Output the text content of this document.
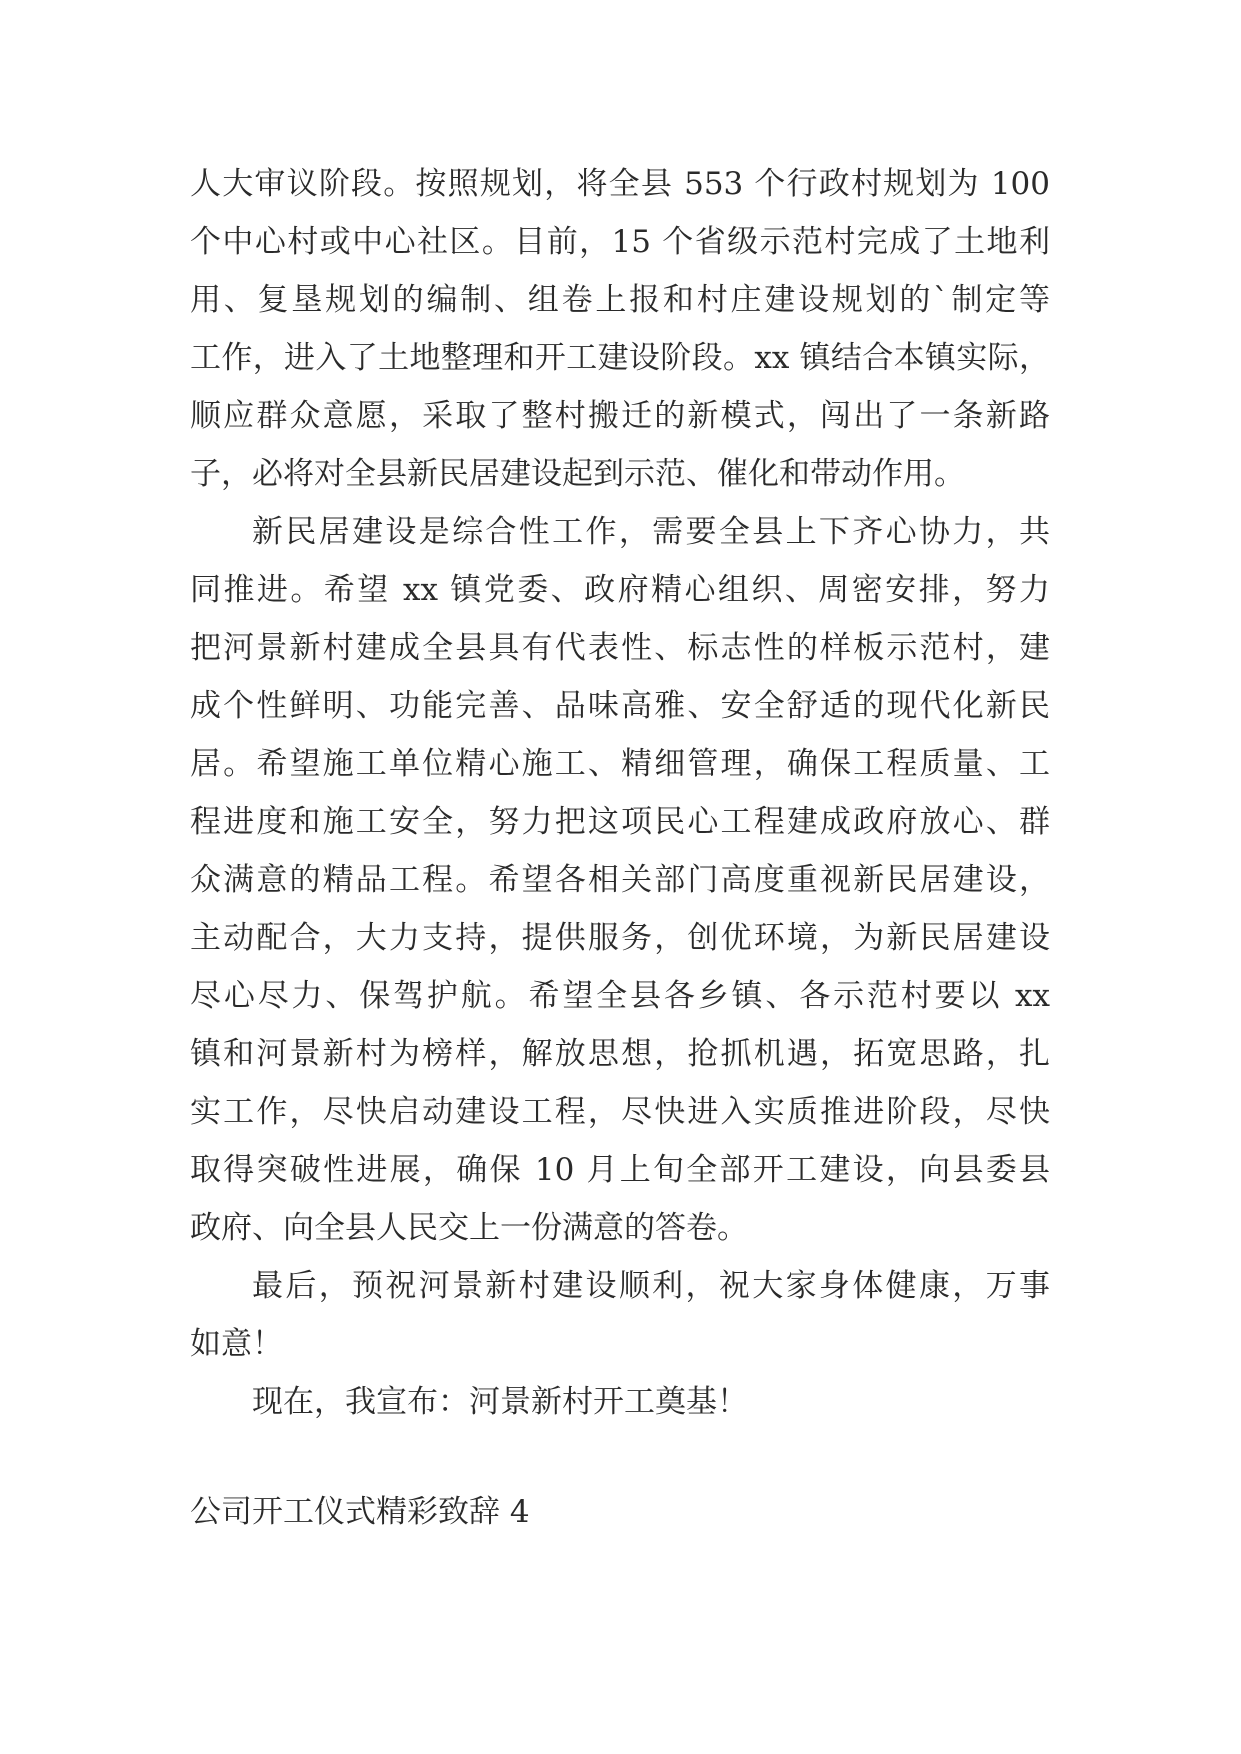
人大审议阶段。按照规划，将全县 553 个行政村规划为 100
个中心村或中心社区。目前，15 个省级示范村完成了土地利
用、复垦规划的编制、组卷上报和村庄建设规划的`制定等
工作，进入了土地整理和开工建设阶段。xx 镇结合本镇实际，
顺应群众意愿，采取了整村搬迁的新模式，闯出了一条新路
子，必将对全县新民居建设起到示范、催化和带动作用。
新民居建设是综合性工作，需要全县上下齐心协力，共
同推进。希望 xx 镇党委、政府精心组织、周密安排，努力
把河景新村建成全县具有代表性、标志性的样板示范村，建
成个性鲜明、功能完善、品味高雅、安全舒适的现代化新民
居。希望施工单位精心施工、精细管理，确保工程质量、工
程进度和施工安全，努力把这项民心工程建成政府放心、群
众满意的精品工程。希望各相关部门高度重视新民居建设，
主动配合，大力支持，提供服务，创优环境，为新民居建设
尽心尽力、保驾护航。希望全县各乡镇、各示范村要以 xx
镇和河景新村为榜样，解放思想，抢抓机遇，拓宽思路，扎
实工作，尽快启动建设工程，尽快进入实质推进阶段，尽快
取得突破性进展，确保 10 月上旬全部开工建设，向县委县
政府、向全县人民交上一份满意的答卷。
最后，预祝河景新村建设顺利，祝大家身体健康，万事
如意！
现在，我宣布：河景新村开工奠基！
公司开工仪式精彩致辞 4
